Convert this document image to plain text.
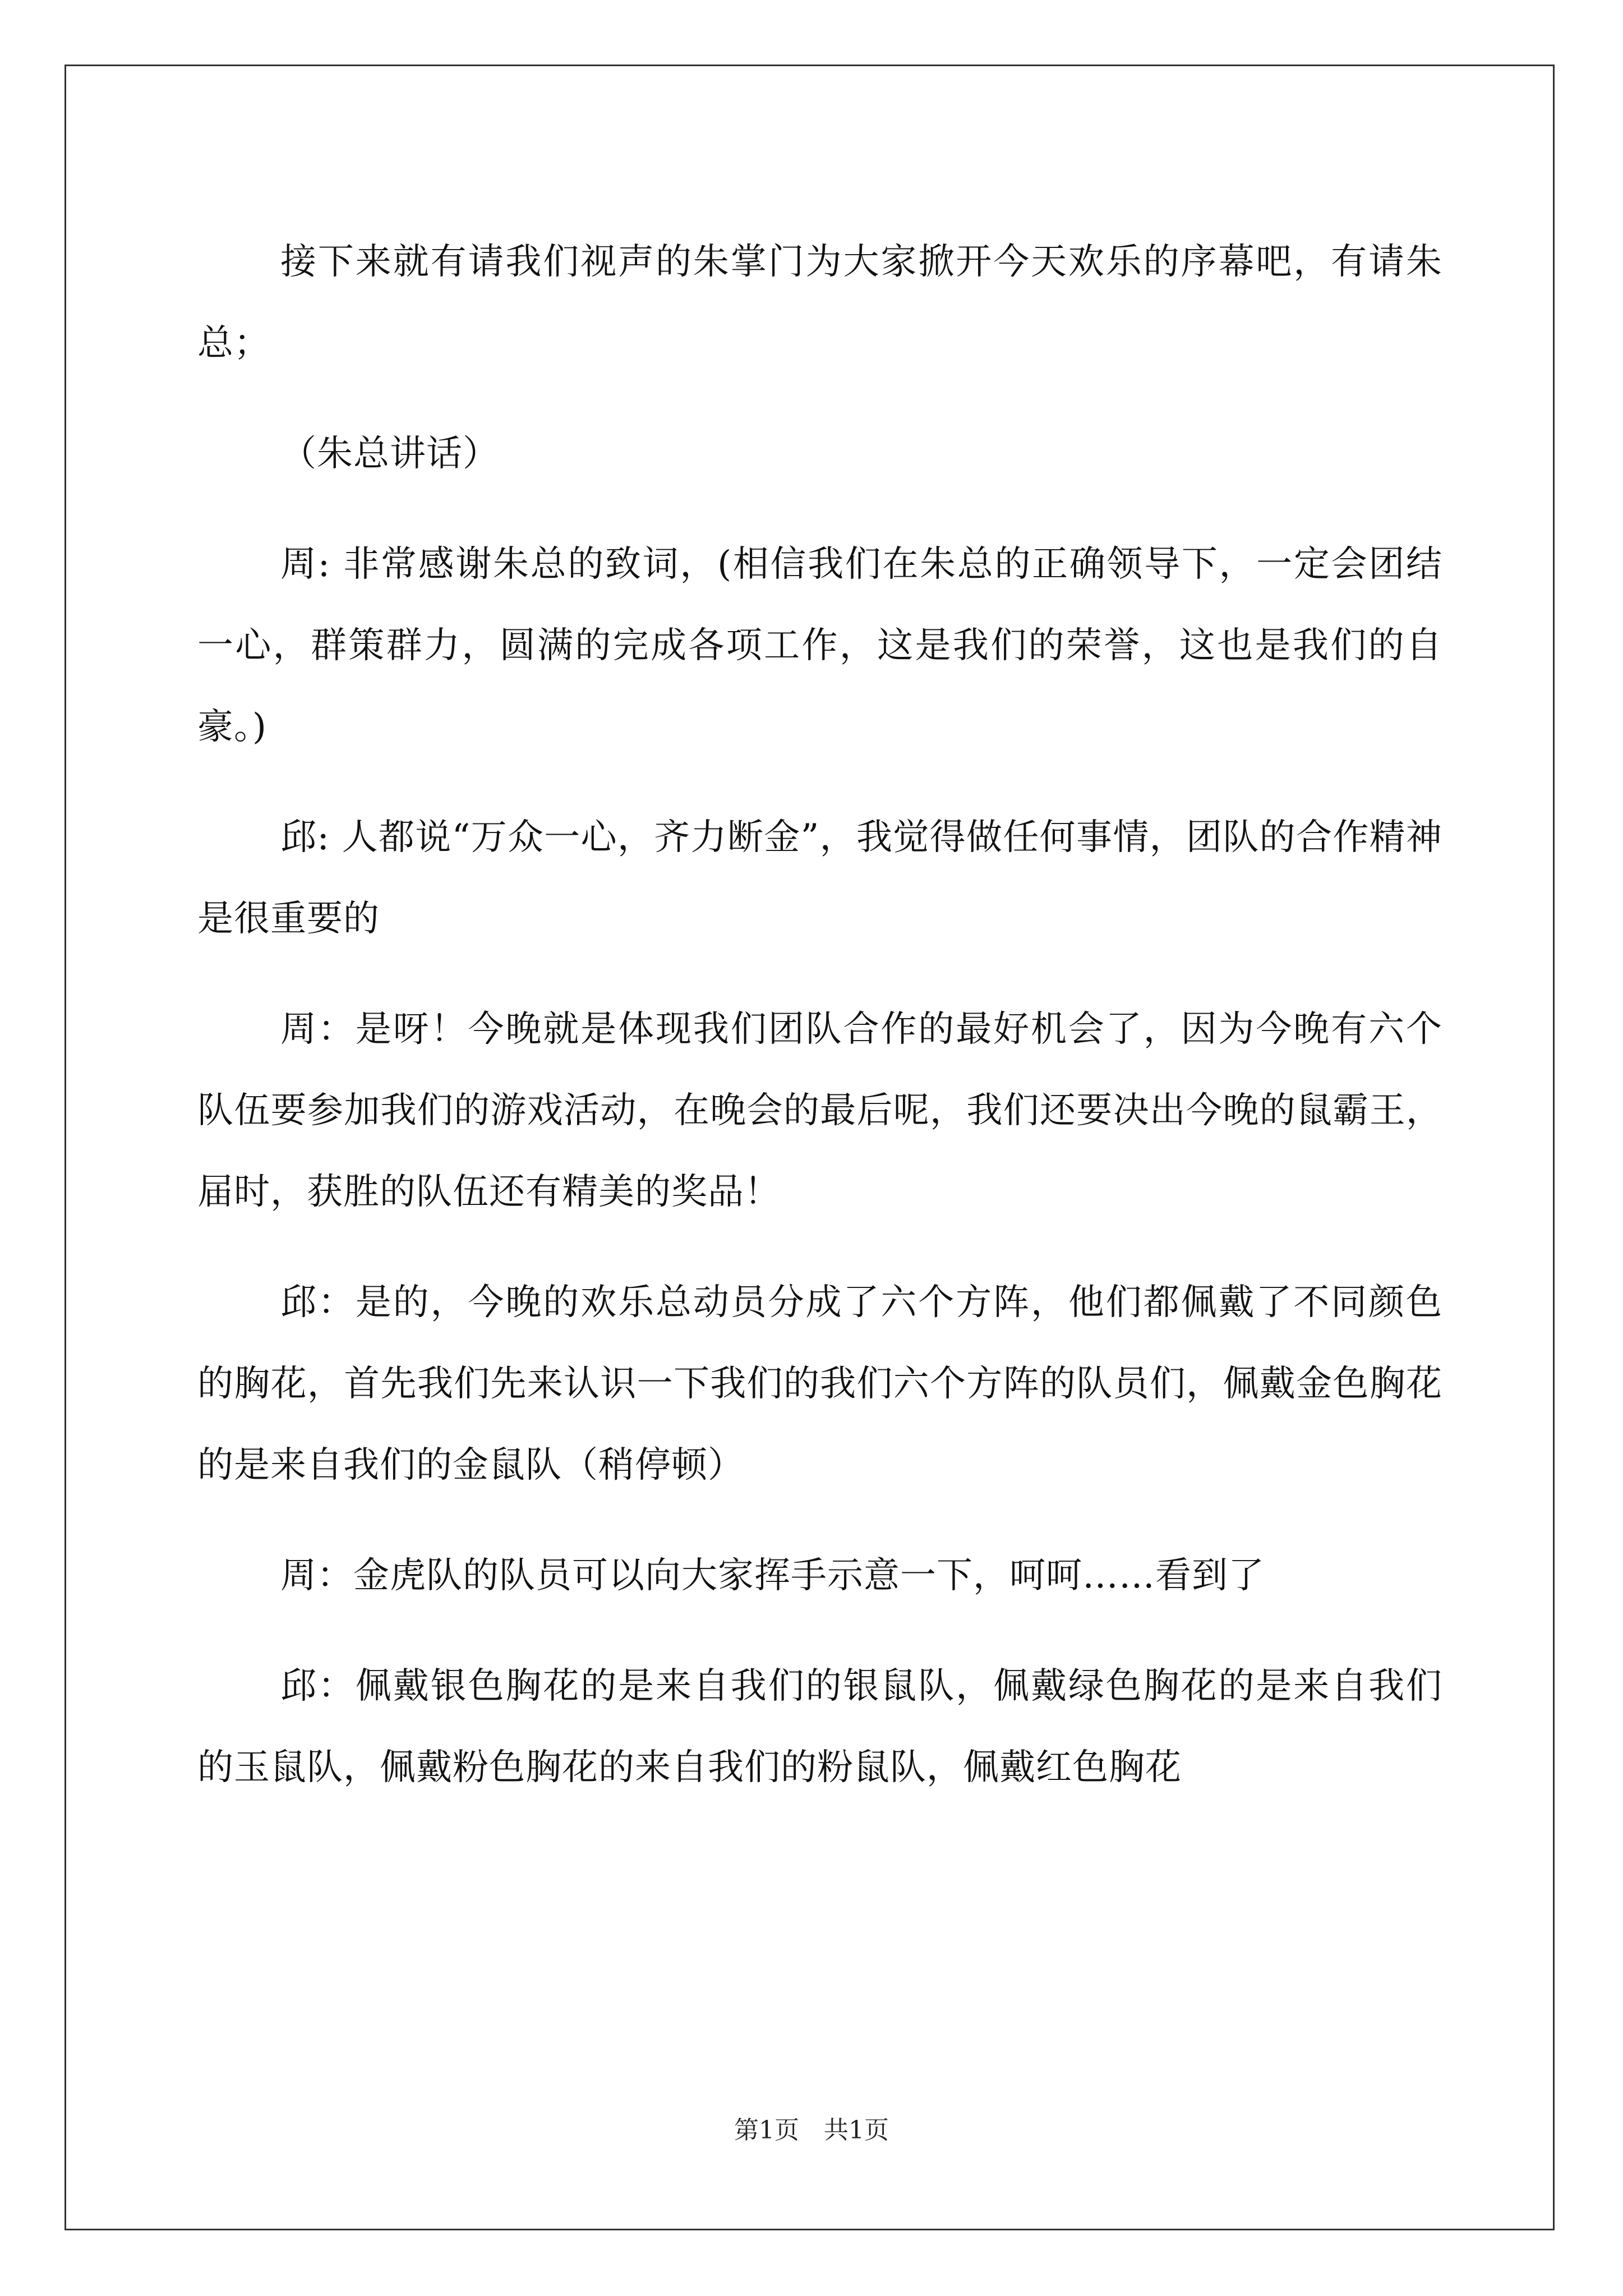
接下来就有请我们视声的朱掌门为大家掀开今天欢乐的序幕吧，有请朱总；

（朱总讲话）

周: 非常感谢朱总的致词，(相信我们在朱总的正确领导下，一定会团结一心，群策群力，圆满的完成各项工作，这是我们的荣誉，这也是我们的自豪。)

邱: 人都说“万众一心，齐力断金”，我觉得做任何事情，团队的合作精神是很重要的

周：是呀！今晚就是体现我们团队合作的最好机会了，因为今晚有六个队伍要参加我们的游戏活动，在晚会的最后呢，我们还要决出今晚的鼠霸王，届时，获胜的队伍还有精美的奖品！

邱：是的，今晚的欢乐总动员分成了六个方阵，他们都佩戴了不同颜色的胸花，首先我们先来认识一下我们的我们六个方阵的队员们，佩戴金色胸花的是来自我们的金鼠队（稍停顿）

周：金虎队的队员可以向大家挥手示意一下，呵呵……看到了

邱：佩戴银色胸花的是来自我们的银鼠队，佩戴绿色胸花的是来自我们的玉鼠队，佩戴粉色胸花的来自我们的粉鼠队，佩戴红色胸花

第1页　共1页
